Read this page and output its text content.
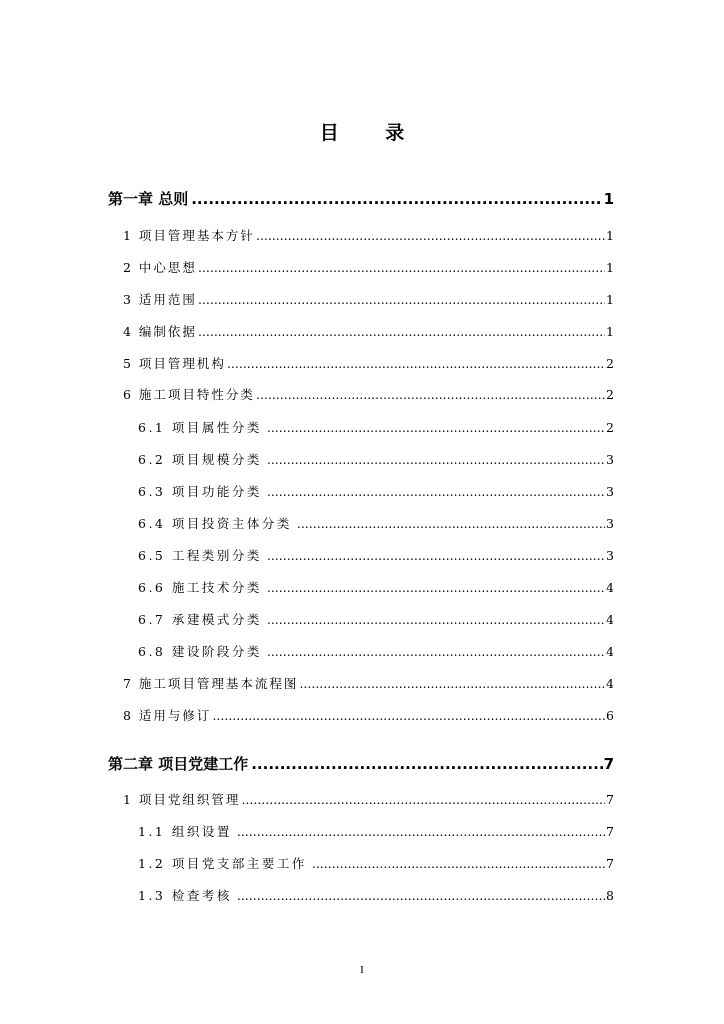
目 录
第一章 总则 .....	1
1 项目管理基本方针 .....	1
2 中心思想 .....	1
3 适用范围 .....	1
4 编制依据 .....	1
5 项目管理机构 .....	2
6 施工项目特性分类 .....	2
6.1 项目属性分类 .....	2
6.2 项目规模分类 .....	3
6.3 项目功能分类 .....	3
6.4 项目投资主体分类 .....	3
6.5 工程类别分类 .....	3
6.6 施工技术分类 .....	4
6.7 承建模式分类 .....	4
6.8 建设阶段分类 .....	4
7 施工项目管理基本流程图 .....	4
8 适用与修订 .....	6
第二章 项目党建工作 .....	7
1 项目党组织管理 .....	7
1.1 组织设置 .....	7
1.2 项目党支部主要工作 .....	7
1.3 检查考核 .....	8
I
